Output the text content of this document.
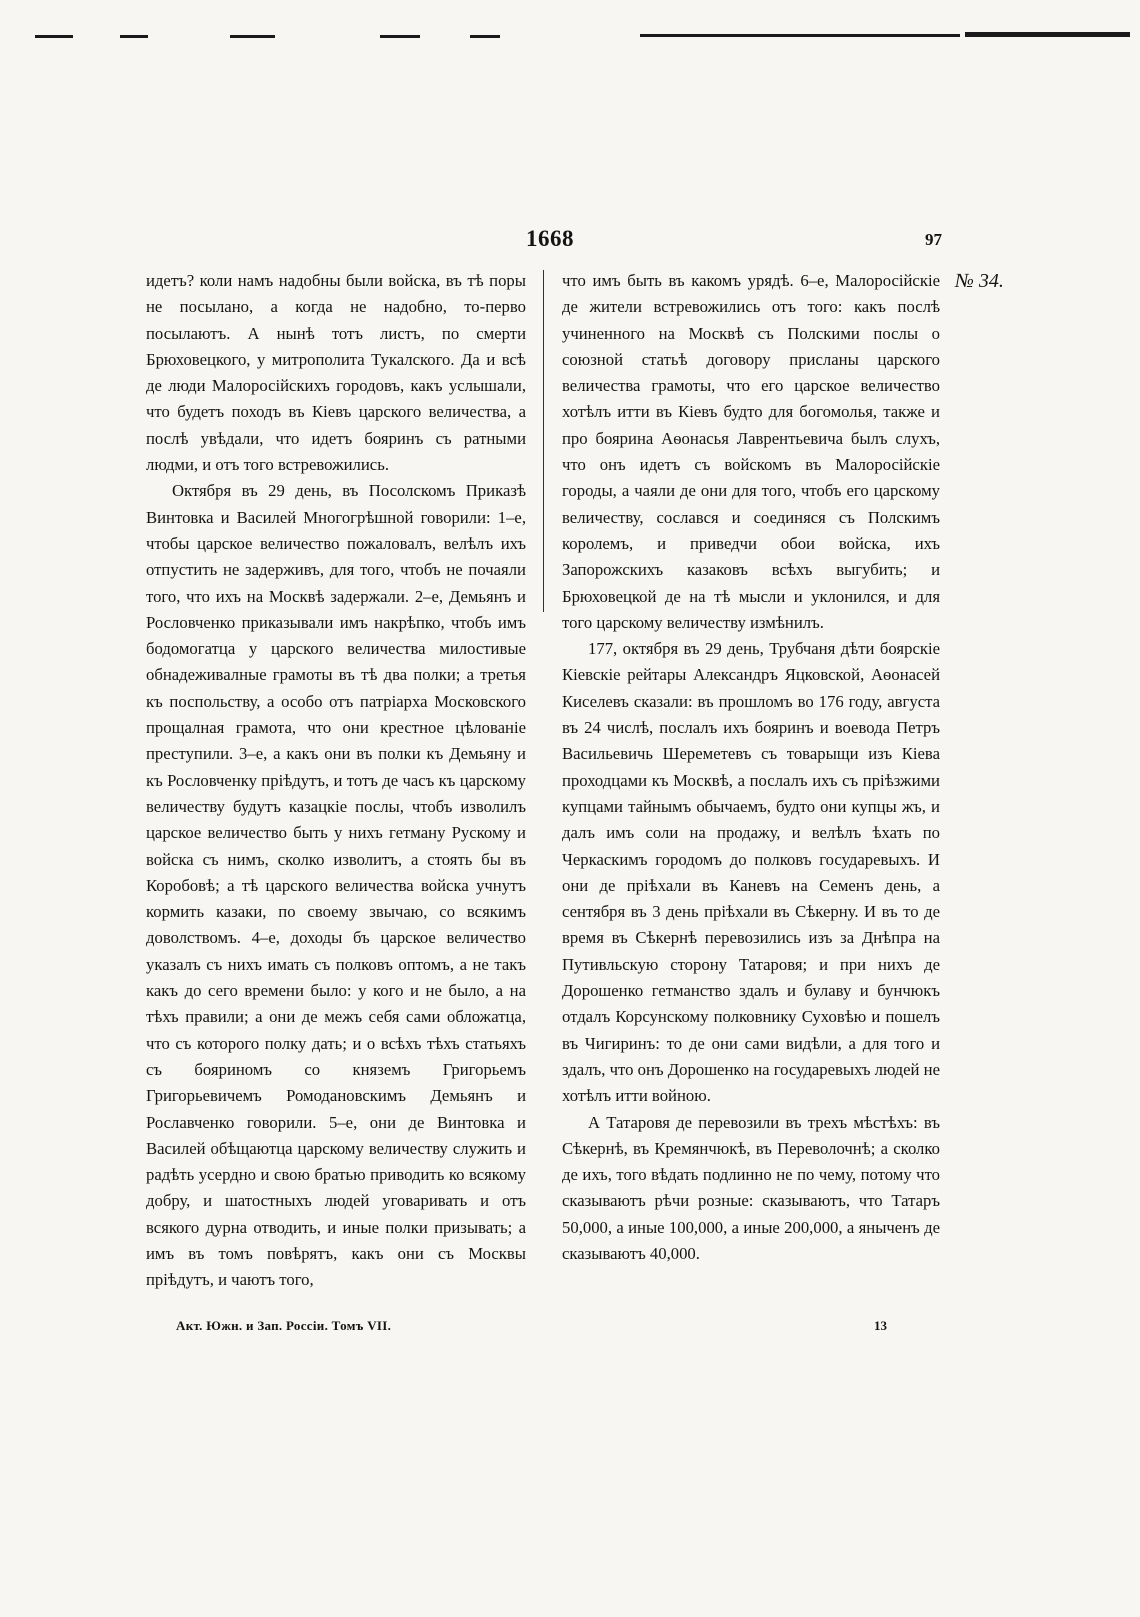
1668	97
№ 34.

идетъ? коли намъ надобны были войска, въ тѣ поры не посылано, а когда не надобно, то-перво посылаютъ. А нынѣ тотъ листъ, по смерти Брюховецкого, у митрополита Тукалского. Да и всѣ де люди Малоросійскихъ городовъ, какъ услышали, что будетъ походъ въ Кіевъ царского величества, а послѣ увѣдали, что идетъ бояринъ съ ратными людми, и отъ того встревожились.

Октября въ 29 день, въ Посолскомъ Приказѣ Винтовка и Василей Многогрѣшной говорили: 1–е, чтобы царское величество пожаловалъ, велѣлъ ихъ отпустить не задерживъ, для того, чтобъ не почаяли того, что ихъ на Москвѣ задержали. 2–е, Демьянъ и Рословченко приказывали имъ накрѣпко, чтобъ имъ бодомогатца у царского величества милостивые обнадеживалные грамоты въ тѣ два полки; а третья къ поспольству, а особо отъ патріарха Московского прощалная грамота, что они крестное цѣлованіе преступили. 3–е, а какъ они въ полки къ Демьяну и къ Рословченку пріѣдутъ, и тотъ де часъ къ царскому величеству будутъ казацкіе послы, чтобъ изволилъ царское величество быть у нихъ гетману Рускому и войска съ нимъ, сколко изволитъ, а стоять бы въ Коробовѣ; а тѣ царского величества войска учнутъ кормить казаки, по своему звычаю, со всякимъ доволствомъ. 4–е, доходы бъ царское величество указалъ съ нихъ имать съ полковъ оптомъ, а не такъ какъ до сего времени было: у кого и не было, а на тѣхъ правили; а они де межъ себя сами обложатца, что съ которого полку дать; и о всѣхъ тѣхъ статьяхъ съ бояриномъ со княземъ Григорьемъ Григорьевичемъ Ромодановскимъ Демьянъ и Рославченко говорили. 5–е, они де Винтовка и Василей обѣщаютца царскому величеству служить и радѣть усердно и свою братью приводить ко всякому добру, и шатостныхъ людей уговаривать и отъ всякого дурна отводить, и иные полки призывать; а имъ въ томъ повѣрятъ, какъ они съ Москвы пріѣдутъ, и чаютъ того,

что имъ быть въ какомъ урядѣ. 6–е, Малоросійскіе де жители встревожились отъ того: какъ послѣ учиненного на Москвѣ съ Полскими послы о союзной статьѣ договору присланы царского величества грамоты, что его царское величество хотѣлъ итти въ Кіевъ будто для богомолья, также и про боярина Аѳонасья Лаврентьевича былъ слухъ, что онъ идетъ съ войскомъ въ Малоросійскіе городы, а чаяли де они для того, чтобъ его царскому величеству, сослався и соединяся съ Полскимъ королемъ, и приведчи обои войска, ихъ Запорожскихъ казаковъ всѣхъ выгубить; и Брюховецкой де на тѣ мысли и уклонился, и для того царскому величеству измѣнилъ.

177, октября въ 29 день, Трубчаня дѣти боярскіе Кіевскіе рейтары Александръ Яцковской, Аѳонасей Киселевъ сказали: въ прошломъ во 176 году, августа въ 24 числѣ, послалъ ихъ бояринъ и воевода Петръ Васильевичь Шереметевъ съ товарыщи изъ Кіева проходцами къ Москвѣ, а послалъ ихъ съ пріѣзжими купцами тайнымъ обычаемъ, будто они купцы жъ, и далъ имъ соли на продажу, и велѣлъ ѣхать по Черкаскимъ городомъ до полковъ государевыхъ. И они де пріѣхали въ Каневъ на Семенъ день, а сентября въ 3 день пріѣхали въ Сѣкерну. И въ то де время въ Сѣкернѣ перевозились изъ за Днѣпра на Путивльскую сторону Татаровя; и при нихъ де Дорошенко гетманство здалъ и булаву и бунчюкъ отдалъ Корсунскому полковнику Суховѣю и пошелъ въ Чигиринъ: то де они сами видѣли, а для того и здалъ, что онъ Дорошенко на государевыхъ людей не хотѣлъ итти войною.

А Татаровя де перевозили въ трехъ мѣстѣхъ: въ Сѣкернѣ, въ Кремянчюкѣ, въ Переволочнѣ; а сколко де ихъ, того вѣдать подлинно не по чему, потому что сказываютъ рѣчи розные: сказываютъ, что Татаръ 50,000, а иные 100,000, а иные 200,000, а яныченъ де сказываютъ 40,000.

Акт. Южн. и Зап. Россіи. Томъ VII.	13
